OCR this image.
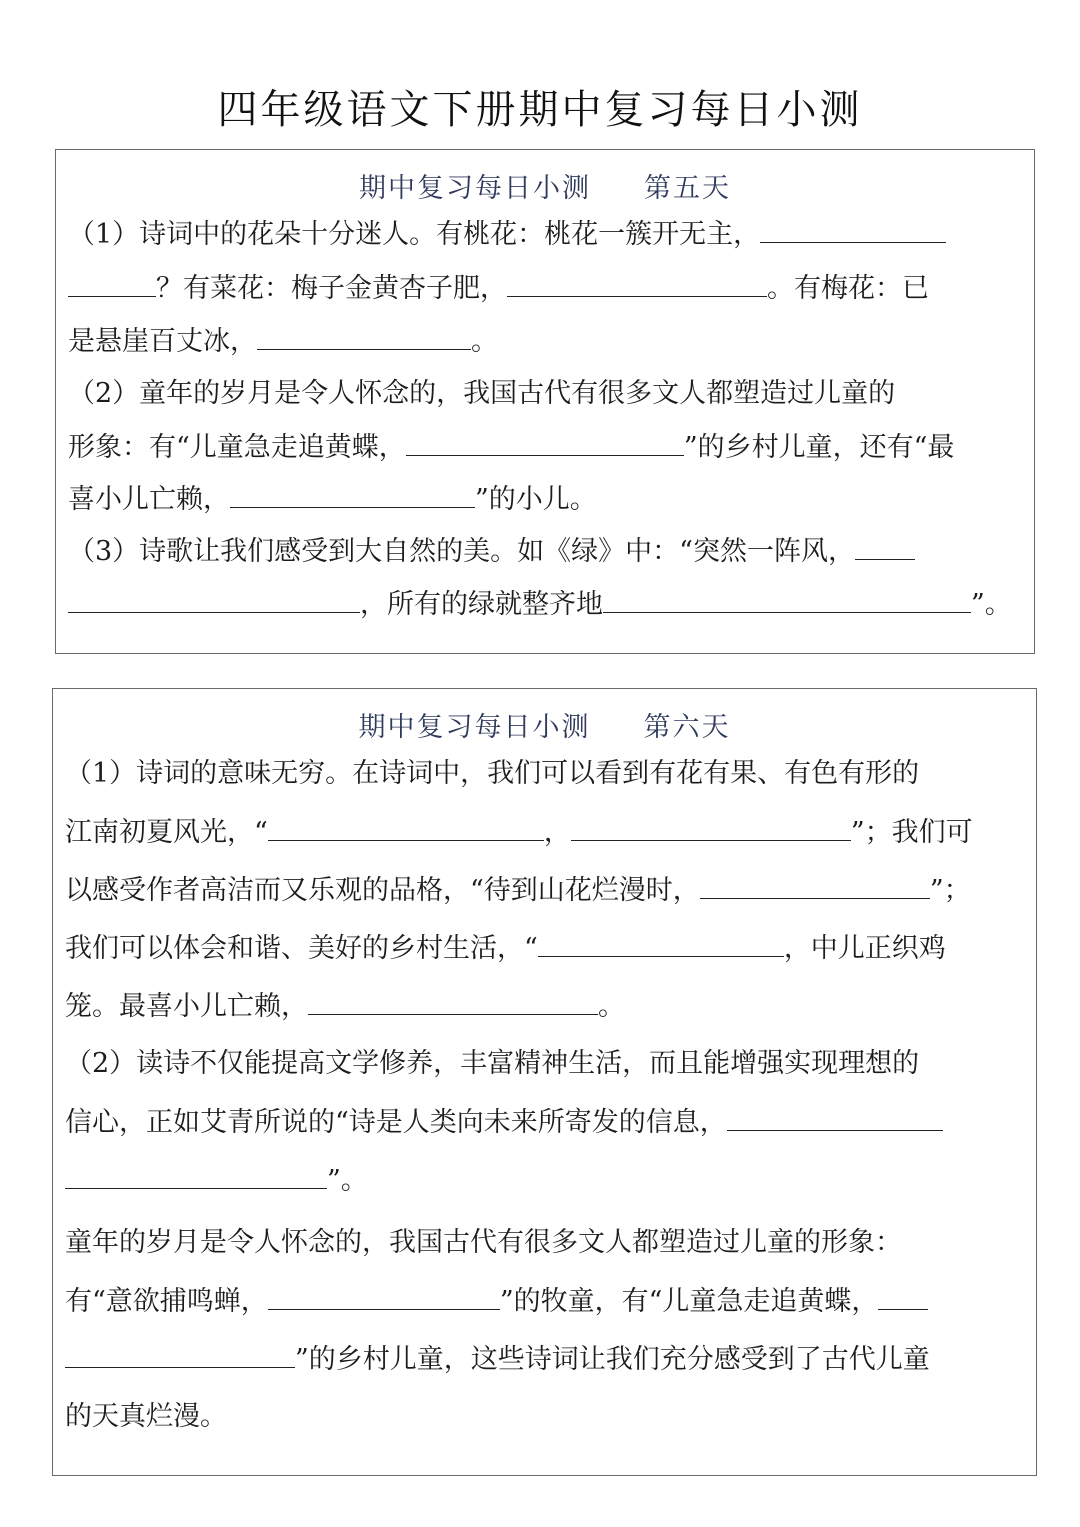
四年级语文下册期中复习每日小测
期中复习每日小测     第五天

（1）诗词中的花朵十分迷人。有桃花：桃花一簇开无主，

？有菜花：梅子金黄杏子肥，	。有梅花：已

是悬崖百丈冰，	。

（2）童年的岁月是令人怀念的，我国古代有很多文人都塑造过儿童的

形象：有“儿童急走追黄蝶，	”的乡村儿童，还有“最

喜小儿亡赖，	”的小儿。

（3）诗歌让我们感受到大自然的美。如《绿》中：“突然一阵风，

，所有的绿就整齐地	”。

期中复习每日小测     第六天

（1）诗词的意味无穷。在诗词中，我们可以看到有花有果、有色有形的

江南初夏风光，“	，	”；我们可

以感受作者高洁而又乐观的品格，“待到山花烂漫时，	”；

我们可以体会和谐、美好的乡村生活，“	，中儿正织鸡

笼。最喜小儿亡赖，	。

（2）读诗不仅能提高文学修养，丰富精神生活，而且能增强实现理想的

信心，正如艾青所说的“诗是人类向未来所寄发的信息，

”。

童年的岁月是令人怀念的，我国古代有很多文人都塑造过儿童的形象：

有“意欲捕鸣蝉，	”的牧童，有“儿童急走追黄蝶，

”的乡村儿童，这些诗词让我们充分感受到了古代儿童

的天真烂漫。
